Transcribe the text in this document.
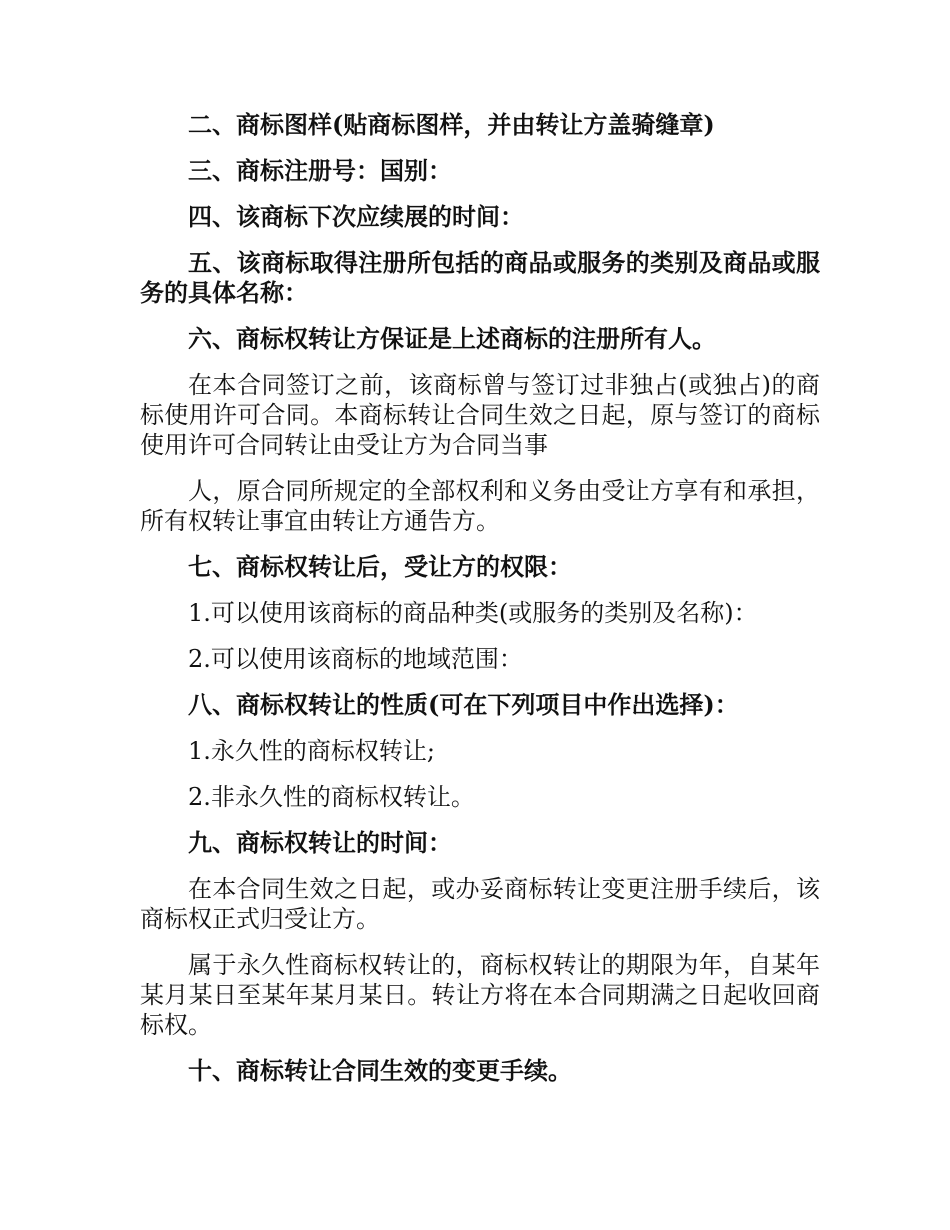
二、商标图样(贴商标图样，并由转让方盖骑缝章)

三、商标注册号：国别：

四、该商标下次应续展的时间：

五、该商标取得注册所包括的商品或服务的类别及商品或服务的具体名称：

六、商标权转让方保证是上述商标的注册所有人。

在本合同签订之前，该商标曾与签订过非独占(或独占)的商标使用许可合同。本商标转让合同生效之日起，原与签订的商标使用许可合同转让由受让方为合同当事

人，原合同所规定的全部权利和义务由受让方享有和承担，所有权转让事宜由转让方通告方。

七、商标权转让后，受让方的权限：

1.可以使用该商标的商品种类(或服务的类别及名称)：

2.可以使用该商标的地域范围：

八、商标权转让的性质(可在下列项目中作出选择)：

1.永久性的商标权转让;

2.非永久性的商标权转让。

九、商标权转让的时间：

在本合同生效之日起，或办妥商标转让变更注册手续后，该商标权正式归受让方。

属于永久性商标权转让的，商标权转让的期限为年，自某年某月某日至某年某月某日。转让方将在本合同期满之日起收回商标权。

十、商标转让合同生效的变更手续。
